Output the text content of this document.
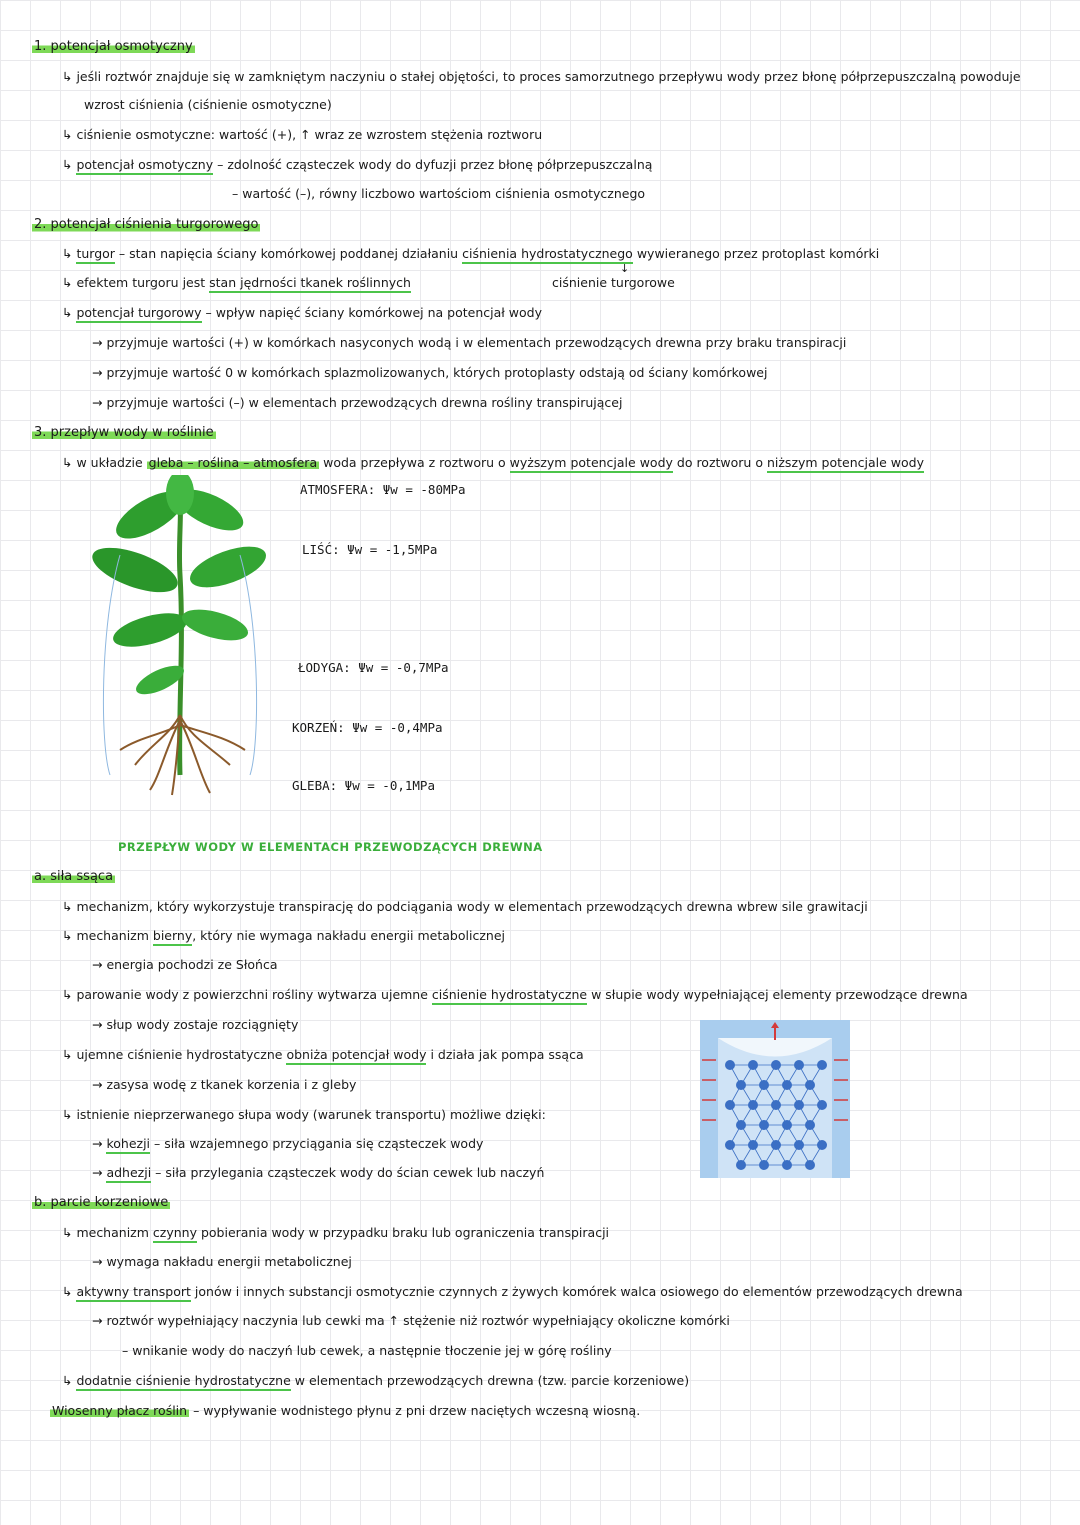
1. potencjał osmotyczny
↳ jeśli roztwór znajduje się w zamkniętym naczyniu o stałej objętości, to proces samorzutnego przepływu wody przez błonę półprzepuszczalną powoduje
wzrost ciśnienia (ciśnienie osmotyczne)
↳ ciśnienie osmotyczne: wartość (+), ↑ wraz ze wzrostem stężenia roztworu
↳ potencjał osmotyczny – zdolność cząsteczek wody do dyfuzji przez błonę półprzepuszczalną
– wartość (–), równy liczbowo wartościom ciśnienia osmotycznego
2. potencjał ciśnienia turgorowego
↳ turgor – stan napięcia ściany komórkowej poddanej działaniu ciśnienia hydrostatycznego wywieranego przez protoplast komórki
↓
ciśnienie turgorowe
↳ efektem turgoru jest stan jędrności tkanek roślinnych
↳ potencjał turgorowy – wpływ napięć ściany komórkowej na potencjał wody
→ przyjmuje wartości (+) w komórkach nasyconych wodą i w elementach przewodzących drewna przy braku transpiracji
→ przyjmuje wartość 0 w komórkach splazmolizowanych, których protoplasty odstają od ściany komórkowej
→ przyjmuje wartości (–) w elementach przewodzących drewna rośliny transpirującej
3. przepływ wody w roślinie
↳ w układzie gleba – roślina – atmosfera woda przepływa z roztworu o wyższym potencjale wody do roztworu o niższym potencjale wody
ATMOSFERA: Ψw = -80MPa
LIŚĆ: Ψw = -1,5MPa
ŁODYGA: Ψw = -0,7MPa
KORZEŃ: Ψw = -0,4MPa
GLEBA: Ψw = -0,1MPa
PRZEPŁYW WODY W ELEMENTACH PRZEWODZĄCYCH DREWNA
a. siła ssąca
↳ mechanizm, który wykorzystuje transpirację do podciągania wody w elementach przewodzących drewna wbrew sile grawitacji
↳ mechanizm bierny, który nie wymaga nakładu energii metabolicznej
→ energia pochodzi ze Słońca
↳ parowanie wody z powierzchni rośliny wytwarza ujemne ciśnienie hydrostatyczne w słupie wody wypełniającej elementy przewodzące drewna
→ słup wody zostaje rozciągnięty
↳ ujemne ciśnienie hydrostatyczne obniża potencjał wody i działa jak pompa ssąca
→ zasysa wodę z tkanek korzenia i z gleby
↳ istnienie nieprzerwanego słupa wody (warunek transportu) możliwe dzięki:
→ kohezji – siła wzajemnego przyciągania się cząsteczek wody
→ adhezji – siła przylegania cząsteczek wody do ścian cewek lub naczyń
b. parcie korzeniowe
↳ mechanizm czynny pobierania wody w przypadku braku lub ograniczenia transpiracji
→ wymaga nakładu energii metabolicznej
↳ aktywny transport jonów i innych substancji osmotycznie czynnych z żywych komórek walca osiowego do elementów przewodzących drewna
→ roztwór wypełniający naczynia lub cewki ma ↑ stężenie niż roztwór wypełniający okoliczne komórki
– wnikanie wody do naczyń lub cewek, a następnie tłoczenie jej w górę rośliny
↳ dodatnie ciśnienie hydrostatyczne w elementach przewodzących drewna (tzw. parcie korzeniowe)
Wiosenny płacz roślin – wypływanie wodnistego płynu z pni drzew naciętych wczesną wiosną.
